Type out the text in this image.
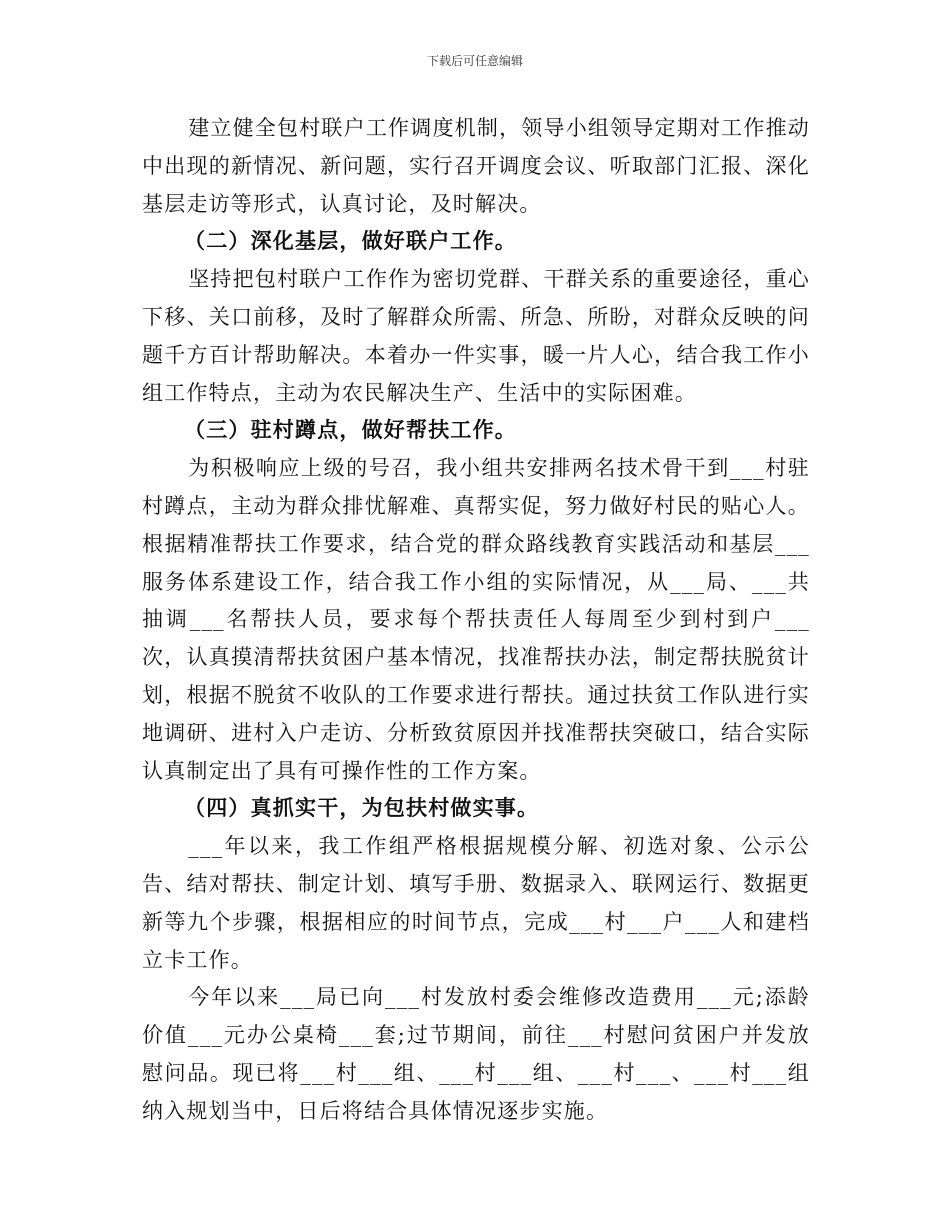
下载后可任意编辑

建立健全包村联户工作调度机制，领导小组领导定期对工作推动中出现的新情况、新问题，实行召开调度会议、听取部门汇报、深化基层走访等形式，认真讨论，及时解决。

（二）深化基层，做好联户工作。

坚持把包村联户工作作为密切党群、干群关系的重要途径，重心下移、关口前移，及时了解群众所需、所急、所盼，对群众反映的问题千方百计帮助解决。本着办一件实事，暖一片人心，结合我工作小组工作特点，主动为农民解决生产、生活中的实际困难。

（三）驻村蹲点，做好帮扶工作。

为积极响应上级的号召，我小组共安排两名技术骨干到___村驻村蹲点，主动为群众排忧解难、真帮实促，努力做好村民的贴心人。根据精准帮扶工作要求，结合党的群众路线教育实践活动和基层___服务体系建设工作，结合我工作小组的实际情况，从___局、___共抽调___名帮扶人员，要求每个帮扶责任人每周至少到村到户___次，认真摸清帮扶贫困户基本情况，找准帮扶办法，制定帮扶脱贫计划，根据不脱贫不收队的工作要求进行帮扶。通过扶贫工作队进行实地调研、进村入户走访、分析致贫原因并找准帮扶突破口，结合实际认真制定出了具有可操作性的工作方案。

（四）真抓实干，为包扶村做实事。

___年以来，我工作组严格根据规模分解、初选对象、公示公告、结对帮扶、制定计划、填写手册、数据录入、联网运行、数据更新等九个步骤，根据相应的时间节点，完成___村___户___人和建档立卡工作。

今年以来___局已向___村发放村委会维修改造费用___元;添龄价值___元办公桌椅___套;过节期间，前往___村慰问贫困户并发放慰问品。现已将___村___组、___村___组、___村___、___村___组纳入规划当中，日后将结合具体情况逐步实施。
